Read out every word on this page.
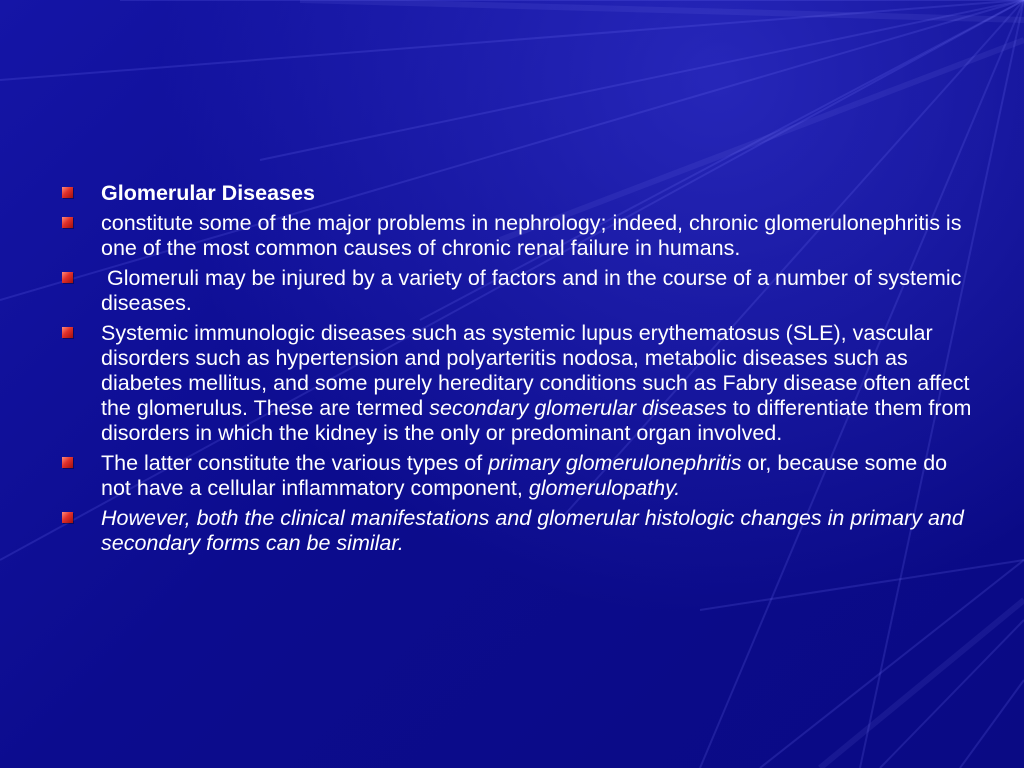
Glomerular Diseases
constitute some of the major problems in nephrology; indeed, chronic glomerulonephritis is one of the most common causes of chronic renal failure in humans.
Glomeruli may be injured by a variety of factors and in the course of a number of systemic diseases.
Systemic immunologic diseases such as systemic lupus erythematosus (SLE), vascular disorders such as hypertension and polyarteritis nodosa, metabolic diseases such as diabetes mellitus, and some purely hereditary conditions such as Fabry disease often affect the glomerulus. These are termed secondary glomerular diseases to differentiate them from disorders in which the kidney is the only or predominant organ involved.
The latter constitute the various types of primary glomerulonephritis or, because some do not have a cellular inflammatory component, glomerulopathy.
However, both the clinical manifestations and glomerular histologic changes in primary and secondary forms can be similar.
